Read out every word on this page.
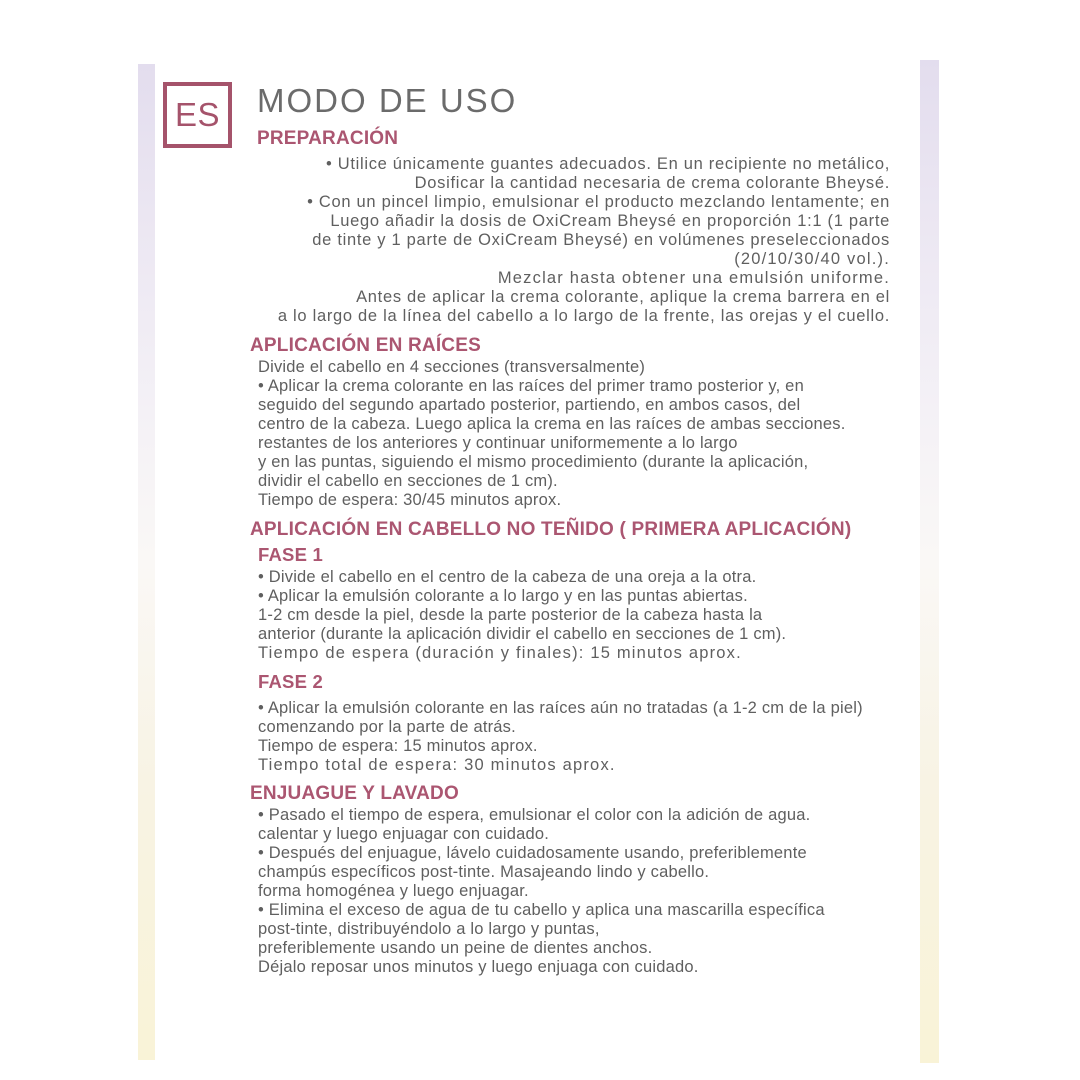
ES MODO DE USO
PREPARACIÓN
• Utilice únicamente guantes adecuados. En un recipiente no metálico,
Dosificar la cantidad necesaria de crema colorante Bheysé.
• Con un pincel limpio, emulsionar el producto mezclando lentamente; en
Luego añadir la dosis de OxiCream Bheysé en proporción 1:1 (1 parte
de tinte y 1 parte de OxiCream Bheysé) en volúmenes preseleccionados
(20/10/30/40 vol.).
Mezclar hasta obtener una emulsión uniforme.
Antes de aplicar la crema colorante, aplique la crema barrera en el
a lo largo de la línea del cabello a lo largo de la frente, las orejas y el cuello.
APLICACIÓN EN RAÍCES
Divide el cabello en 4 secciones (transversalmente)
• Aplicar la crema colorante en las raíces del primer tramo posterior y, en
seguido del segundo apartado posterior, partiendo, en ambos casos, del
centro de la cabeza. Luego aplica la crema en las raíces de ambas secciones.
restantes de los anteriores y continuar uniformemente a lo largo
y en las puntas, siguiendo el mismo procedimiento (durante la aplicación,
dividir el cabello en secciones de 1 cm).
Tiempo de espera: 30/45 minutos aprox.
APLICACIÓN EN CABELLO NO TEÑIDO ( PRIMERA APLICACIÓN)
FASE 1
• Divide el cabello en el centro de la cabeza de una oreja a la otra.
• Aplicar la emulsión colorante a lo largo y en las puntas abiertas.
1-2 cm desde la piel, desde la parte posterior de la cabeza hasta la
anterior (durante la aplicación dividir el cabello en secciones de 1 cm).
Tiempo de espera (duración y finales): 15 minutos aprox.
FASE 2
• Aplicar la emulsión colorante en las raíces aún no tratadas (a 1-2 cm de la piel)
comenzando por la parte de atrás.
Tiempo de espera: 15 minutos aprox.
Tiempo total de espera: 30 minutos aprox.
ENJUAGUE Y LAVADO
• Pasado el tiempo de espera, emulsionar el color con la adición de agua.
calentar y luego enjuagar con cuidado.
• Después del enjuague, lávelo cuidadosamente usando, preferiblemente
champús específicos post-tinte. Masajeando lindo y cabello.
forma homogénea y luego enjuagar.
• Elimina el exceso de agua de tu cabello y aplica una mascarilla específica
post-tinte, distribuyéndolo a lo largo y puntas,
preferiblemente usando un peine de dientes anchos.
Déjalo reposar unos minutos y luego enjuaga con cuidado.
